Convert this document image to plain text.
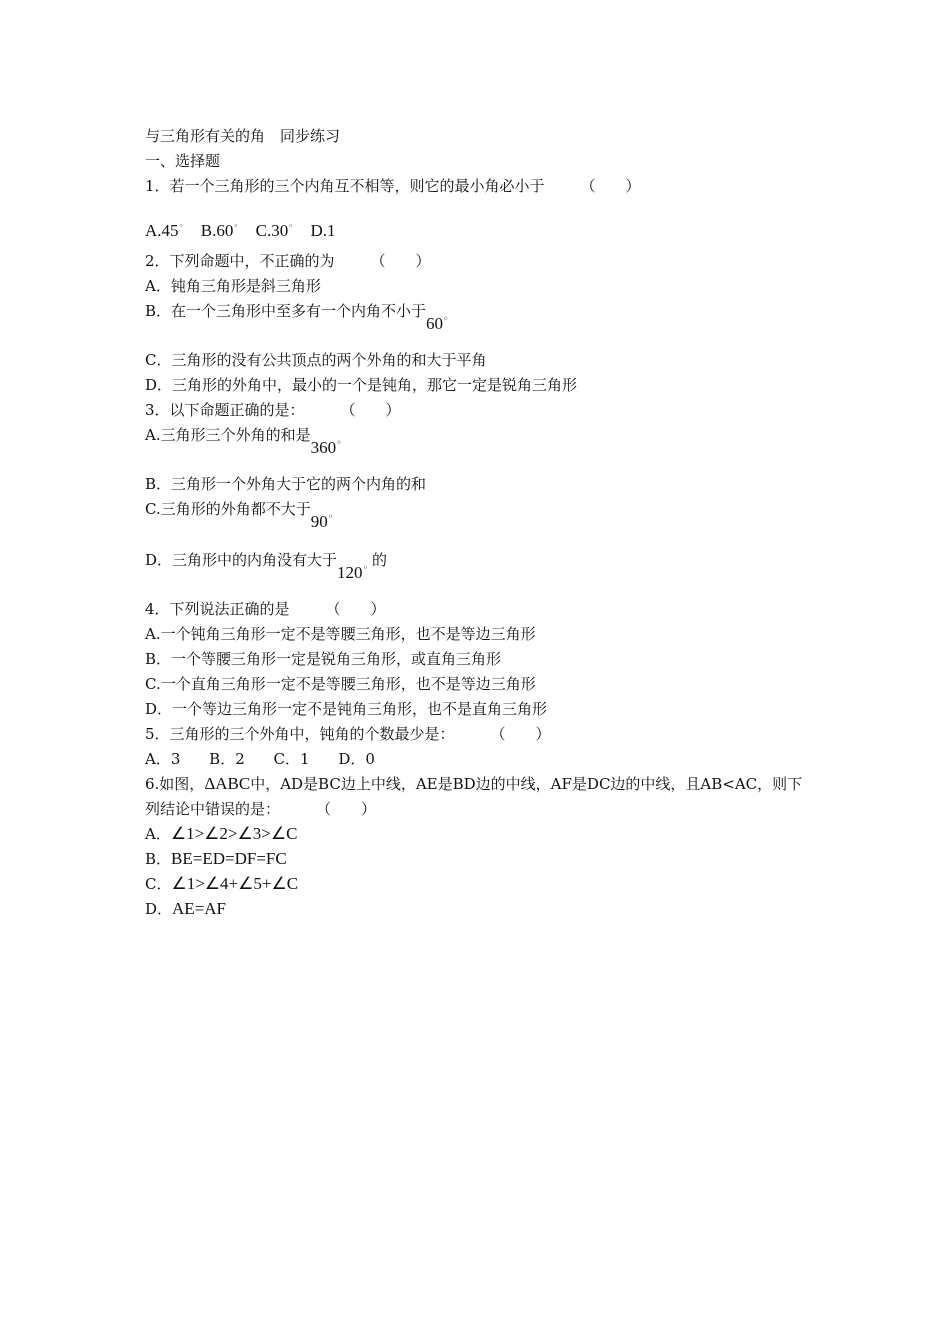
与三角形有关的角　同步练习
一、选择题
1．若一个三角形的三个内角互不相等，则它的最小角必小于 （　　）
A.45$^o$ B.60$^o$ C.30$^o$ D.1
2．下列命题中，不正确的为 （　　）
A．钝角三角形是斜三角形
B．在一个三角形中至多有一个内角不小于$60_o$
C．三角形的没有公共顶点的两个外角的和大于平角
D．三角形的外角中，最小的一个是钝角，那它一定是锐角三角形
3．以下命题正确的是： （　　）
A.三角形三个外角的和是$360_o$
B．三角形一个外角大于它的两个内角的和
C.三角形的外角都不大于$90_o$
D．三角形中的内角没有大于$120_o$ 的
4．下列说法正确的是 （　　）
A.一个钝角三角形一定不是等腰三角形，也不是等边三角形
B．一个等腰三角形一定是锐角三角形，或直角三角形
C.一个直角三角形一定不是等腰三角形，也不是等边三角形
D．一个等边三角形一定不是钝角三角形，也不是直角三角形
5．三角形的三个外角中，钝角的个数最少是： （　　）
A．3 B．2 C．1 D．0
6.如图，ΔABC中，AD是BC边上中线，AE是BD边的中线，AF是DC边的中线，且AB<AC，则下
列结论中错误的是： （　　）
A．∠1>∠2>∠3>∠C
B．BE=ED=DF=FC
C．∠1>∠4+∠5+∠C
D．AE=AF
